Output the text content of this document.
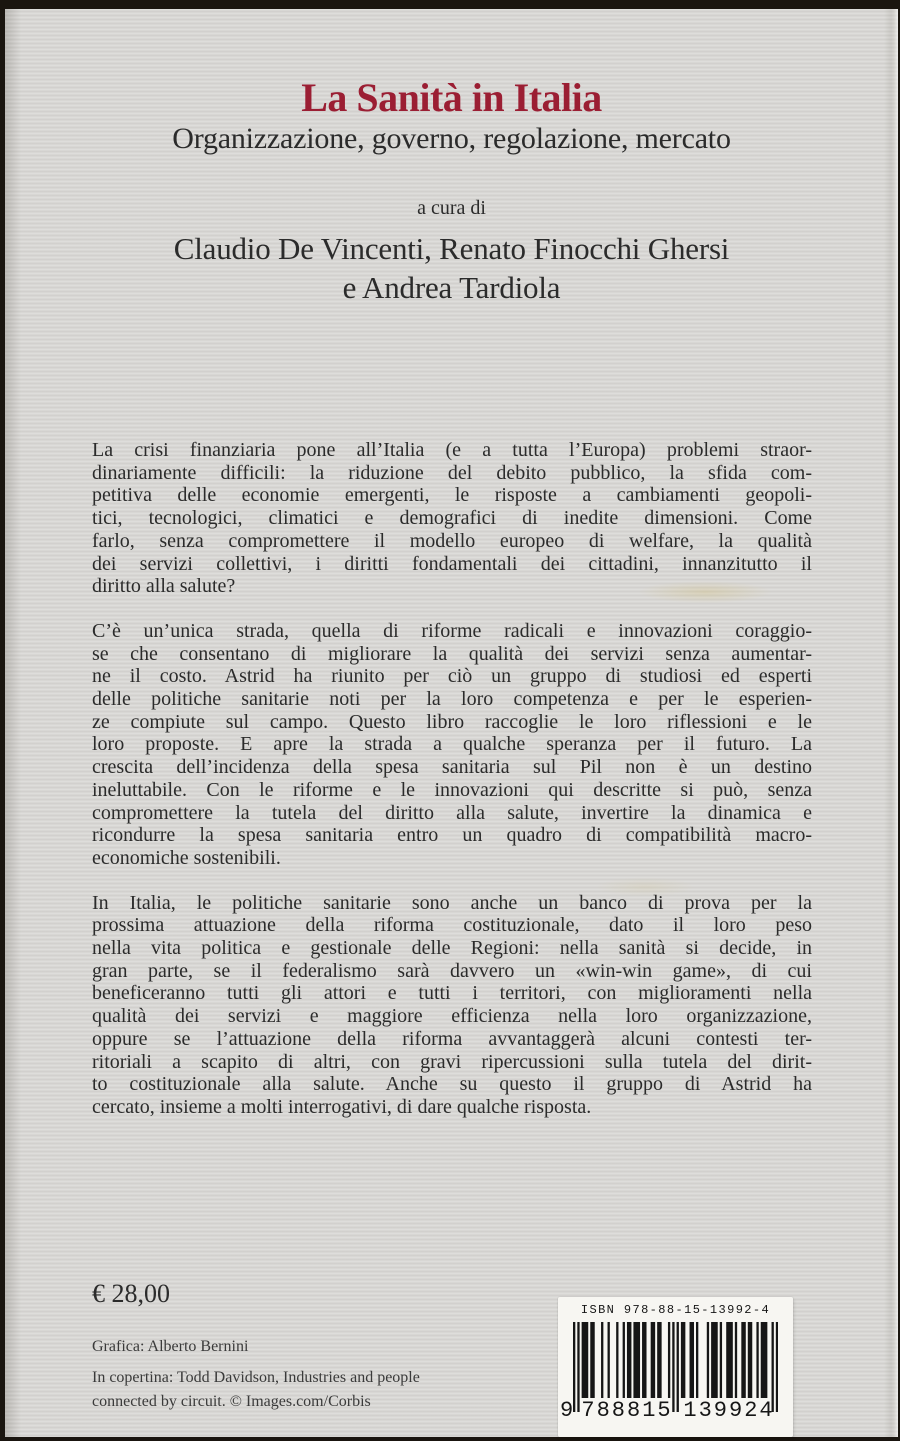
La Sanità in Italia
Organizzazione, governo, regolazione, mercato
a cura di
Claudio De Vincenti, Renato Finocchi Ghersi
e Andrea Tardiola
La crisi finanziaria pone all’Italia (e a tutta l’Europa) problemi straor-
dinariamente difficili: la riduzione del debito pubblico, la sfida com-
petitiva delle economie emergenti, le risposte a cambiamenti geopoli-
tici, tecnologici, climatici e demografici di inedite dimensioni. Come
farlo, senza compromettere il modello europeo di welfare, la qualità
dei servizi collettivi, i diritti fondamentali dei cittadini, innanzitutto il
diritto alla salute?
C’è un’unica strada, quella di riforme radicali e innovazioni coraggio-
se che consentano di migliorare la qualità dei servizi senza aumentar-
ne il costo. Astrid ha riunito per ciò un gruppo di studiosi ed esperti
delle politiche sanitarie noti per la loro competenza e per le esperien-
ze compiute sul campo. Questo libro raccoglie le loro riflessioni e le
loro proposte. E apre la strada a qualche speranza per il futuro. La
crescita dell’incidenza della spesa sanitaria sul Pil non è un destino
ineluttabile. Con le riforme e le innovazioni qui descritte si può, senza
compromettere la tutela del diritto alla salute, invertire la dinamica e
ricondurre la spesa sanitaria entro un quadro di compatibilità macro-
economiche sostenibili.
In Italia, le politiche sanitarie sono anche un banco di prova per la
prossima attuazione della riforma costituzionale, dato il loro peso
nella vita politica e gestionale delle Regioni: nella sanità si decide, in
gran parte, se il federalismo sarà davvero un «win-win game», di cui
beneficeranno tutti gli attori e tutti i territori, con miglioramenti nella
qualità dei servizi e maggiore efficienza nella loro organizzazione,
oppure se l’attuazione della riforma avvantaggerà alcuni contesti ter-
ritoriali a scapito di altri, con gravi ripercussioni sulla tutela del dirit-
to costituzionale alla salute. Anche su questo il gruppo di Astrid ha
cercato, insieme a molti interrogativi, di dare qualche risposta.
€ 28,00
Grafica: Alberto Bernini
In copertina: Todd Davidson, Industries and people
connected by circuit. © Images.com/Corbis
ISBN 978-88-15-13992-4
9 788815 139924
